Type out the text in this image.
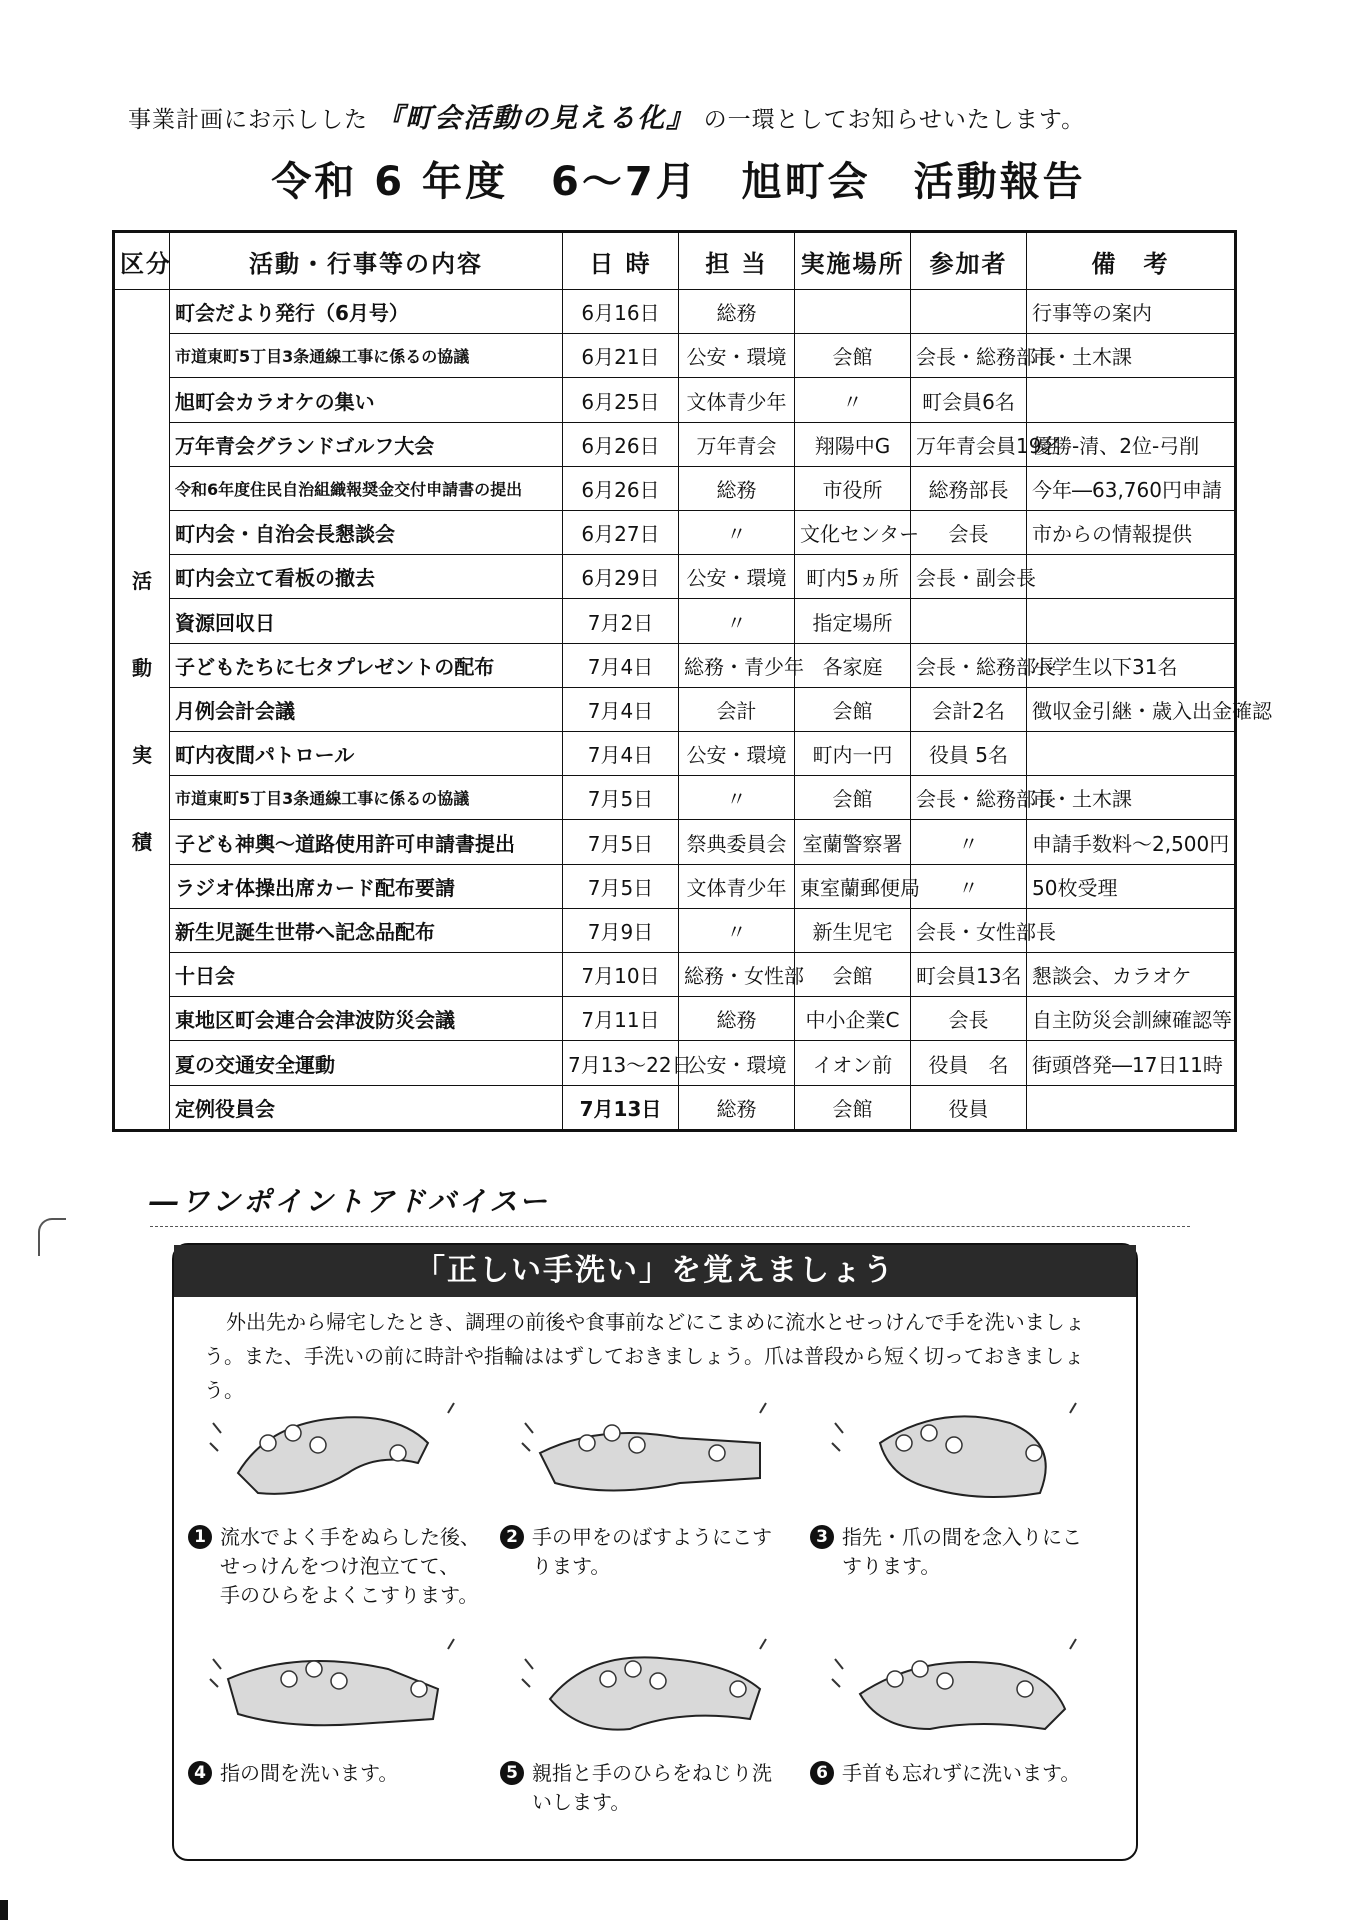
事業計画にお示しした 『町会活動の見える化』 の一環としてお知らせいたします。
令和 6 年度　6～7月　旭町会　活動報告
区分	活動・行事等の内容	日 時	担 当	実施場所	参加者	備　考

活
動
実
積	町会だより発行（6月号）	6月16日	総務			行事等の案内
	市道東町5丁目3条通線工事に係るの協議	6月21日	公安・環境	会館	会長・総務部長	市・土木課
	旭町会カラオケの集い	6月25日	文体青少年	〃	町会員6名	
	万年青会グランドゴルフ大会	6月26日	万年青会	翔陽中G	万年青会員19名	優勝-清、2位-弓削
	令和6年度住民自治組織報奨金交付申請書の提出	6月26日	総務	市役所	総務部長	今年―63,760円申請
	町内会・自治会長懇談会	6月27日	〃	文化センター	会長	市からの情報提供
	町内会立て看板の撤去	6月29日	公安・環境	町内5ヵ所	会長・副会長	
	資源回収日	7月2日	〃	指定場所		
	子どもたちに七タプレゼントの配布	7月4日	総務・青少年	各家庭	会長・総務部長	小学生以下31名
	月例会計会議	7月4日	会計	会館	会計2名	徴収金引継・歳入出金確認
	町内夜間パトロール	7月4日	公安・環境	町内一円	役員 5名	
	市道東町5丁目3条通線工事に係るの協議	7月5日	〃	会館	会長・総務部長	市・土木課
	子ども神輿～道路使用許可申請書提出	7月5日	祭典委員会	室蘭警察署	〃	申請手数料～2,500円
	ラジオ体操出席カード配布要請	7月5日	文体青少年	東室蘭郵便局	〃	50枚受理
	新生児誕生世帯へ記念品配布	7月9日	〃	新生児宅	会長・女性部長	
	十日会	7月10日	総務・女性部	会館	町会員13名	懇談会、カラオケ
	東地区町会連合会津波防災会議	7月11日	総務	中小企業C	会長	自主防災会訓練確認等
	夏の交通安全運動	7月13～22日	公安・環境	イオン前	役員　名	街頭啓発―17日11時
	定例役員会	7月13日	総務	会館	役員	
―ワンポイントアドバイスー
「正しい手洗い」を覚えましょう
外出先から帰宅したとき、調理の前後や食事前などにこまめに流水とせっけんで手を洗いましょ
う。また、手洗いの前に時計や指輪ははずしておきましょう。爪は普段から短く切っておきましょう。
1 流水でよく手をぬらした後、
せっけんをつけ泡立てて、
手のひらをよくこすります。
2 手の甲をのばすようにこす
ります。
3 指先・爪の間を念入りにこ
すります。
4 指の間を洗います。	5 親指と手のひらをねじり洗
いします。
6 手首も忘れずに洗います。
